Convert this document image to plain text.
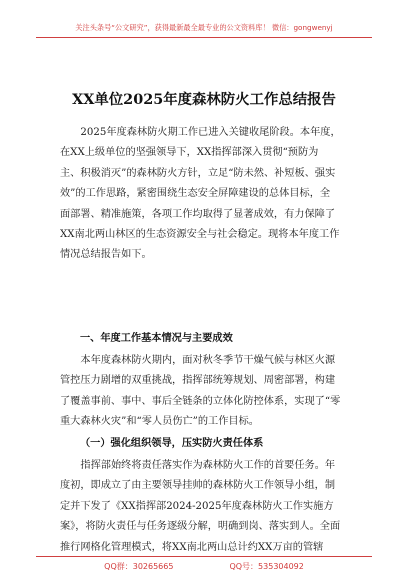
关注头条号“公文研究”，获得最新最全最专业的公文资料库！ 微信：gongwenyj
XX单位2025年度森林防火工作总结报告
2025年度森林防火期工作已进入关键收尾阶段。本年度，
在XX上级单位的坚强领导下，XX指挥部深入贯彻“预防为
主、积极消灭”的森林防火方针，立足“防未然、补短板、强实
效”的工作思路，紧密围绕生态安全屏障建设的总体目标，全
面部署、精准施策，各项工作均取得了显著成效，有力保障了
XX南北两山林区的生态资源安全与社会稳定。现将本年度工作
情况总结报告如下。
一、年度工作基本情况与主要成效
本年度森林防火期内，面对秋冬季节干燥气候与林区火源
管控压力剧增的双重挑战，指挥部统筹规划、周密部署，构建
了覆盖事前、事中、事后全链条的立体化防控体系，实现了“零
重大森林火灾”和“零人员伤亡”的工作目标。
（一）强化组织领导，压实防火责任体系
指挥部始终将责任落实作为森林防火工作的首要任务。年
度初，即成立了由主要领导挂帅的森林防火工作领导小组，制
定并下发了《XX指挥部2024-2025年度森林防火工作实施方
案》，将防火责任与任务逐级分解，明确到岗、落实到人。全面
推行网格化管理模式，将XX南北两山总计约XX万亩的管辖
QQ群：30265665	QQ号：535304092
